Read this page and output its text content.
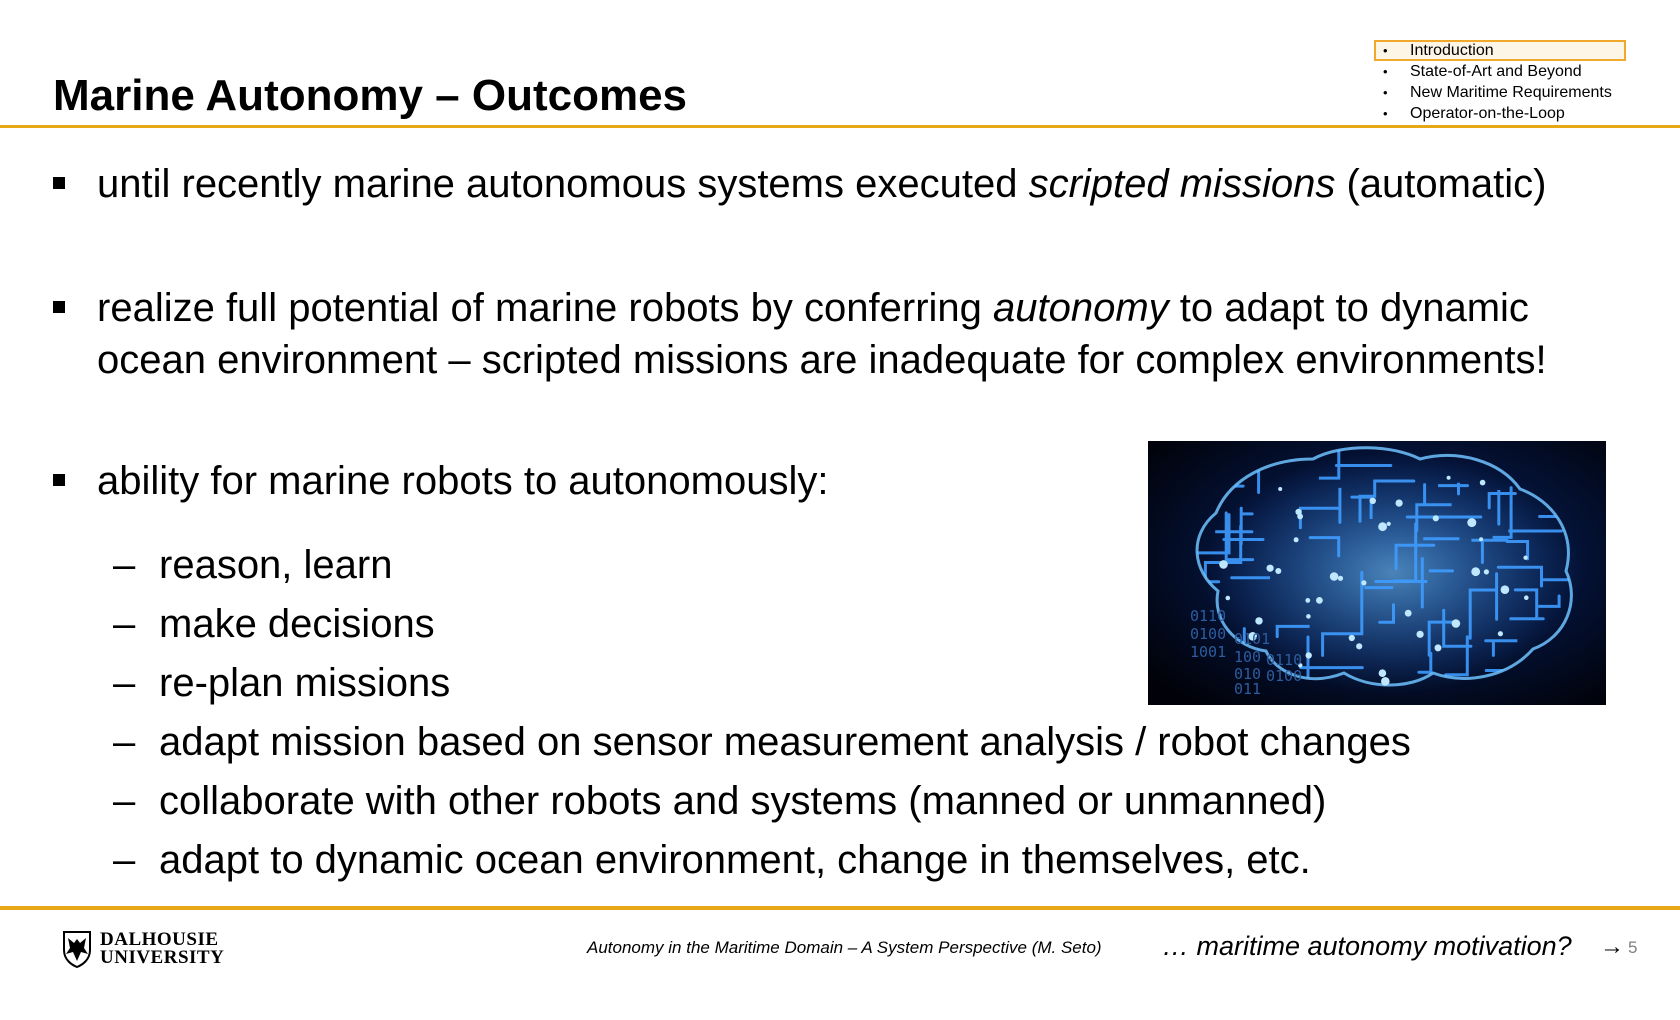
Marine Autonomy – Outcomes
• Introduction
• State-of-Art and Beyond
• New Maritime Requirements
• Operator-on-the-Loop
until recently marine autonomous systems executed scripted missions (automatic)
realize full potential of marine robots by conferring autonomy to adapt to dynamic
ocean environment – scripted missions are inadequate for complex environments!
ability for marine robots to autonomously:
– reason, learn
– make decisions
– re-plan missions
– adapt mission based on sensor measurement analysis / robot changes
– collaborate with other robots and systems (manned or unmanned)
– adapt to dynamic ocean environment, change in themselves, etc.
0110
0100
1001
0101
100
010
011
0110
0100
DALHOUSIE
UNIVERSITY	Autonomy in the Maritime Domain – A System Perspective (M. Seto) … maritime autonomy motivation? → 5
